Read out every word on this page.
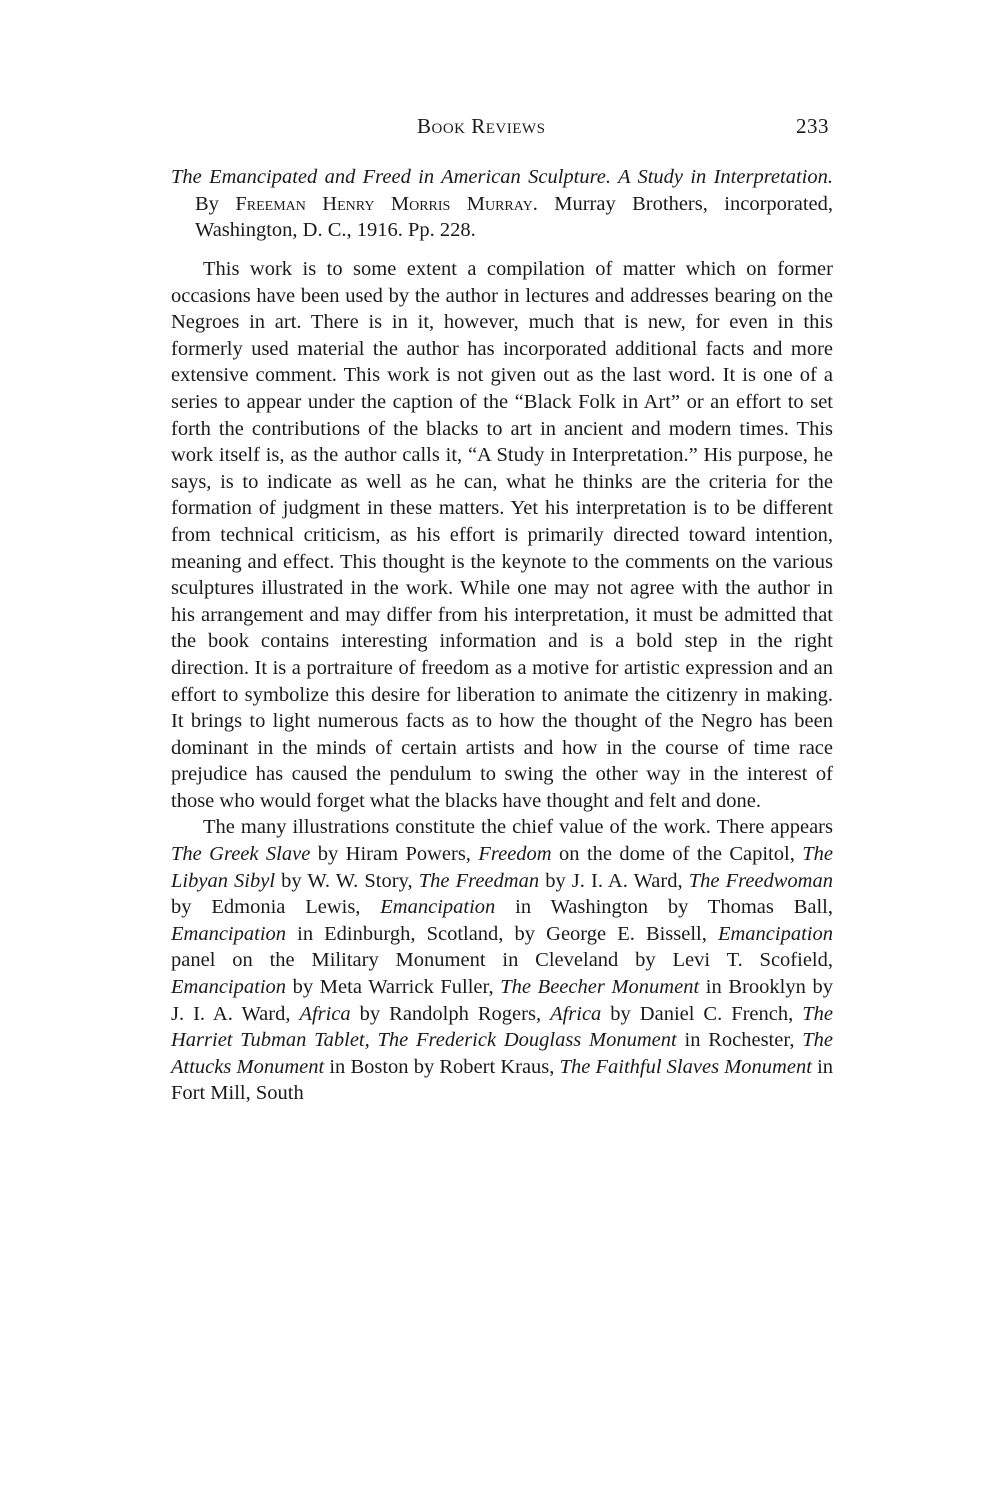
Book Reviews	233
The Emancipated and Freed in American Sculpture. A Study in Interpretation. By Freeman Henry Morris Murray. Murray Brothers, incorporated, Washington, D. C., 1916. Pp. 228.

This work is to some extent a compilation of matter which on former occasions have been used by the author in lectures and addresses bearing on the Negroes in art. There is in it, however, much that is new, for even in this formerly used material the author has incorporated additional facts and more extensive comment. This work is not given out as the last word. It is one of a series to appear under the caption of the “Black Folk in Art” or an effort to set forth the contributions of the blacks to art in ancient and modern times. This work itself is, as the author calls it, “A Study in Interpretation.” His purpose, he says, is to indicate as well as he can, what he thinks are the criteria for the formation of judgment in these matters. Yet his interpretation is to be different from technical criticism, as his effort is primarily directed toward intention, meaning and effect. This thought is the keynote to the comments on the various sculptures illustrated in the work. While one may not agree with the author in his arrangement and may differ from his interpretation, it must be admitted that the book contains interesting information and is a bold step in the right direction. It is a portraiture of freedom as a motive for artistic expression and an effort to symbolize this desire for liberation to animate the citizenry in making. It brings to light numerous facts as to how the thought of the Negro has been dominant in the minds of certain artists and how in the course of time race prejudice has caused the pendulum to swing the other way in the interest of those who would forget what the blacks have thought and felt and done.

The many illustrations constitute the chief value of the work. There appears The Greek Slave by Hiram Powers, Freedom on the dome of the Capitol, The Libyan Sibyl by W. W. Story, The Freedman by J. I. A. Ward, The Freedwoman by Edmonia Lewis, Emancipation in Washington by Thomas Ball, Emancipation in Edinburgh, Scotland, by George E. Bissell, Emancipation panel on the Military Monument in Cleveland by Levi T. Scofield, Emancipation by Meta Warrick Fuller, The Beecher Monument in Brooklyn by J. I. A. Ward, Africa by Randolph Rogers, Africa by Daniel C. French, The Harriet Tubman Tablet, The Frederick Douglass Monument in Rochester, The Attucks Monument in Boston by Robert Kraus, The Faithful Slaves Monument in Fort Mill, South
